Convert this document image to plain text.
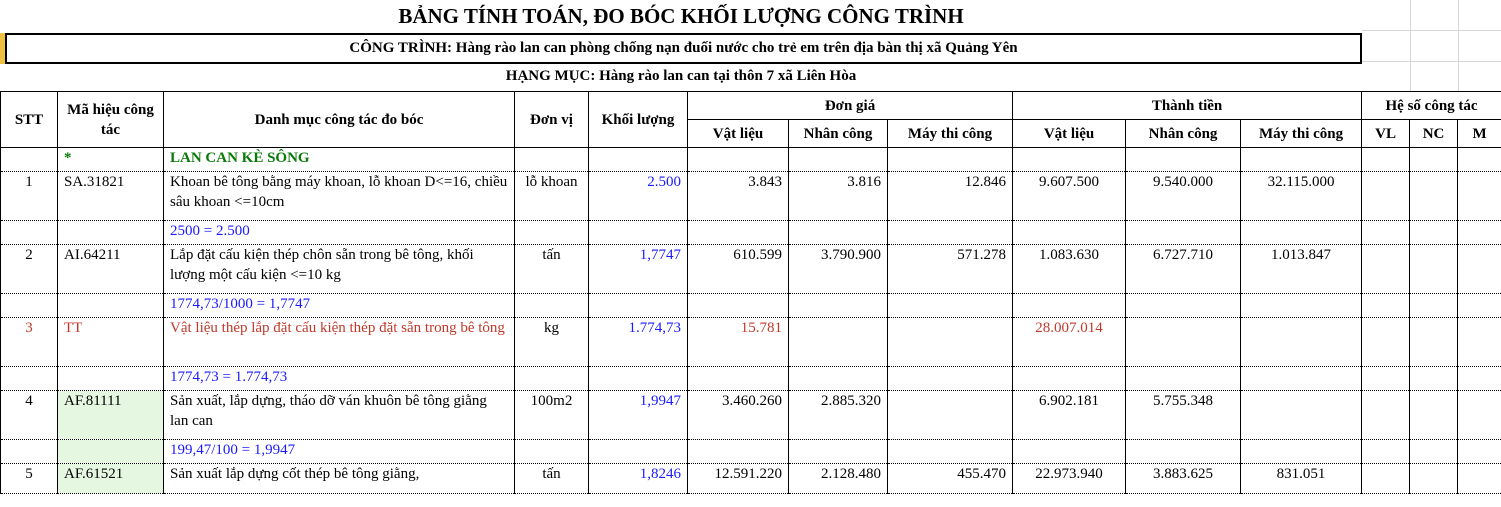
BẢNG TÍNH TOÁN, ĐO BÓC KHỐI LƯỢNG CÔNG TRÌNH
CÔNG TRÌNH: Hàng rào lan can phòng chống nạn đuối nước cho trẻ em trên địa bàn thị xã Quảng Yên
HẠNG MỤC: Hàng rào lan can tại thôn 7 xã Liên Hòa
STT	Mã hiệu công tác	Danh mục công tác đo bóc	Đơn vị	Khối lượng	Đơn giá			Thành tiền			Hệ số công tác		
					Vật liệu	Nhân công	Máy thi công	Vật liệu	Nhân công	Máy thi công	VL	NC	M
	*	LAN CAN KÈ SÔNG											
1	SA.31821	Khoan bê tông bằng máy khoan, lỗ khoan D<=16, chiều sâu khoan <=10cm	lỗ khoan	2.500	3.843	3.816	12.846	9.607.500	9.540.000	32.115.000			
		2500 = 2.500											
2	AI.64211	Lắp đặt cấu kiện thép chôn sẵn trong bê tông, khối lượng một cấu kiện <=10 kg	tấn	1,7747	610.599	3.790.900	571.278	1.083.630	6.727.710	1.013.847			
		1774,73/1000 = 1,7747											
3	TT	Vật liệu thép lắp đặt cấu kiện thép đặt sẵn trong bê tông	kg	1.774,73	15.781			28.007.014					
		1774,73 = 1.774,73											
4	AF.81111	Sản xuất, lắp dựng, tháo dỡ ván khuôn bê tông giằng lan can	100m2	1,9947	3.460.260	2.885.320		6.902.181	5.755.348				
		199,47/100 = 1,9947											
5	AF.61521	Sản xuất lắp dựng cốt thép bê tông giằng,	tấn	1,8246	12.591.220	2.128.480	455.470	22.973.940	3.883.625	831.051			
